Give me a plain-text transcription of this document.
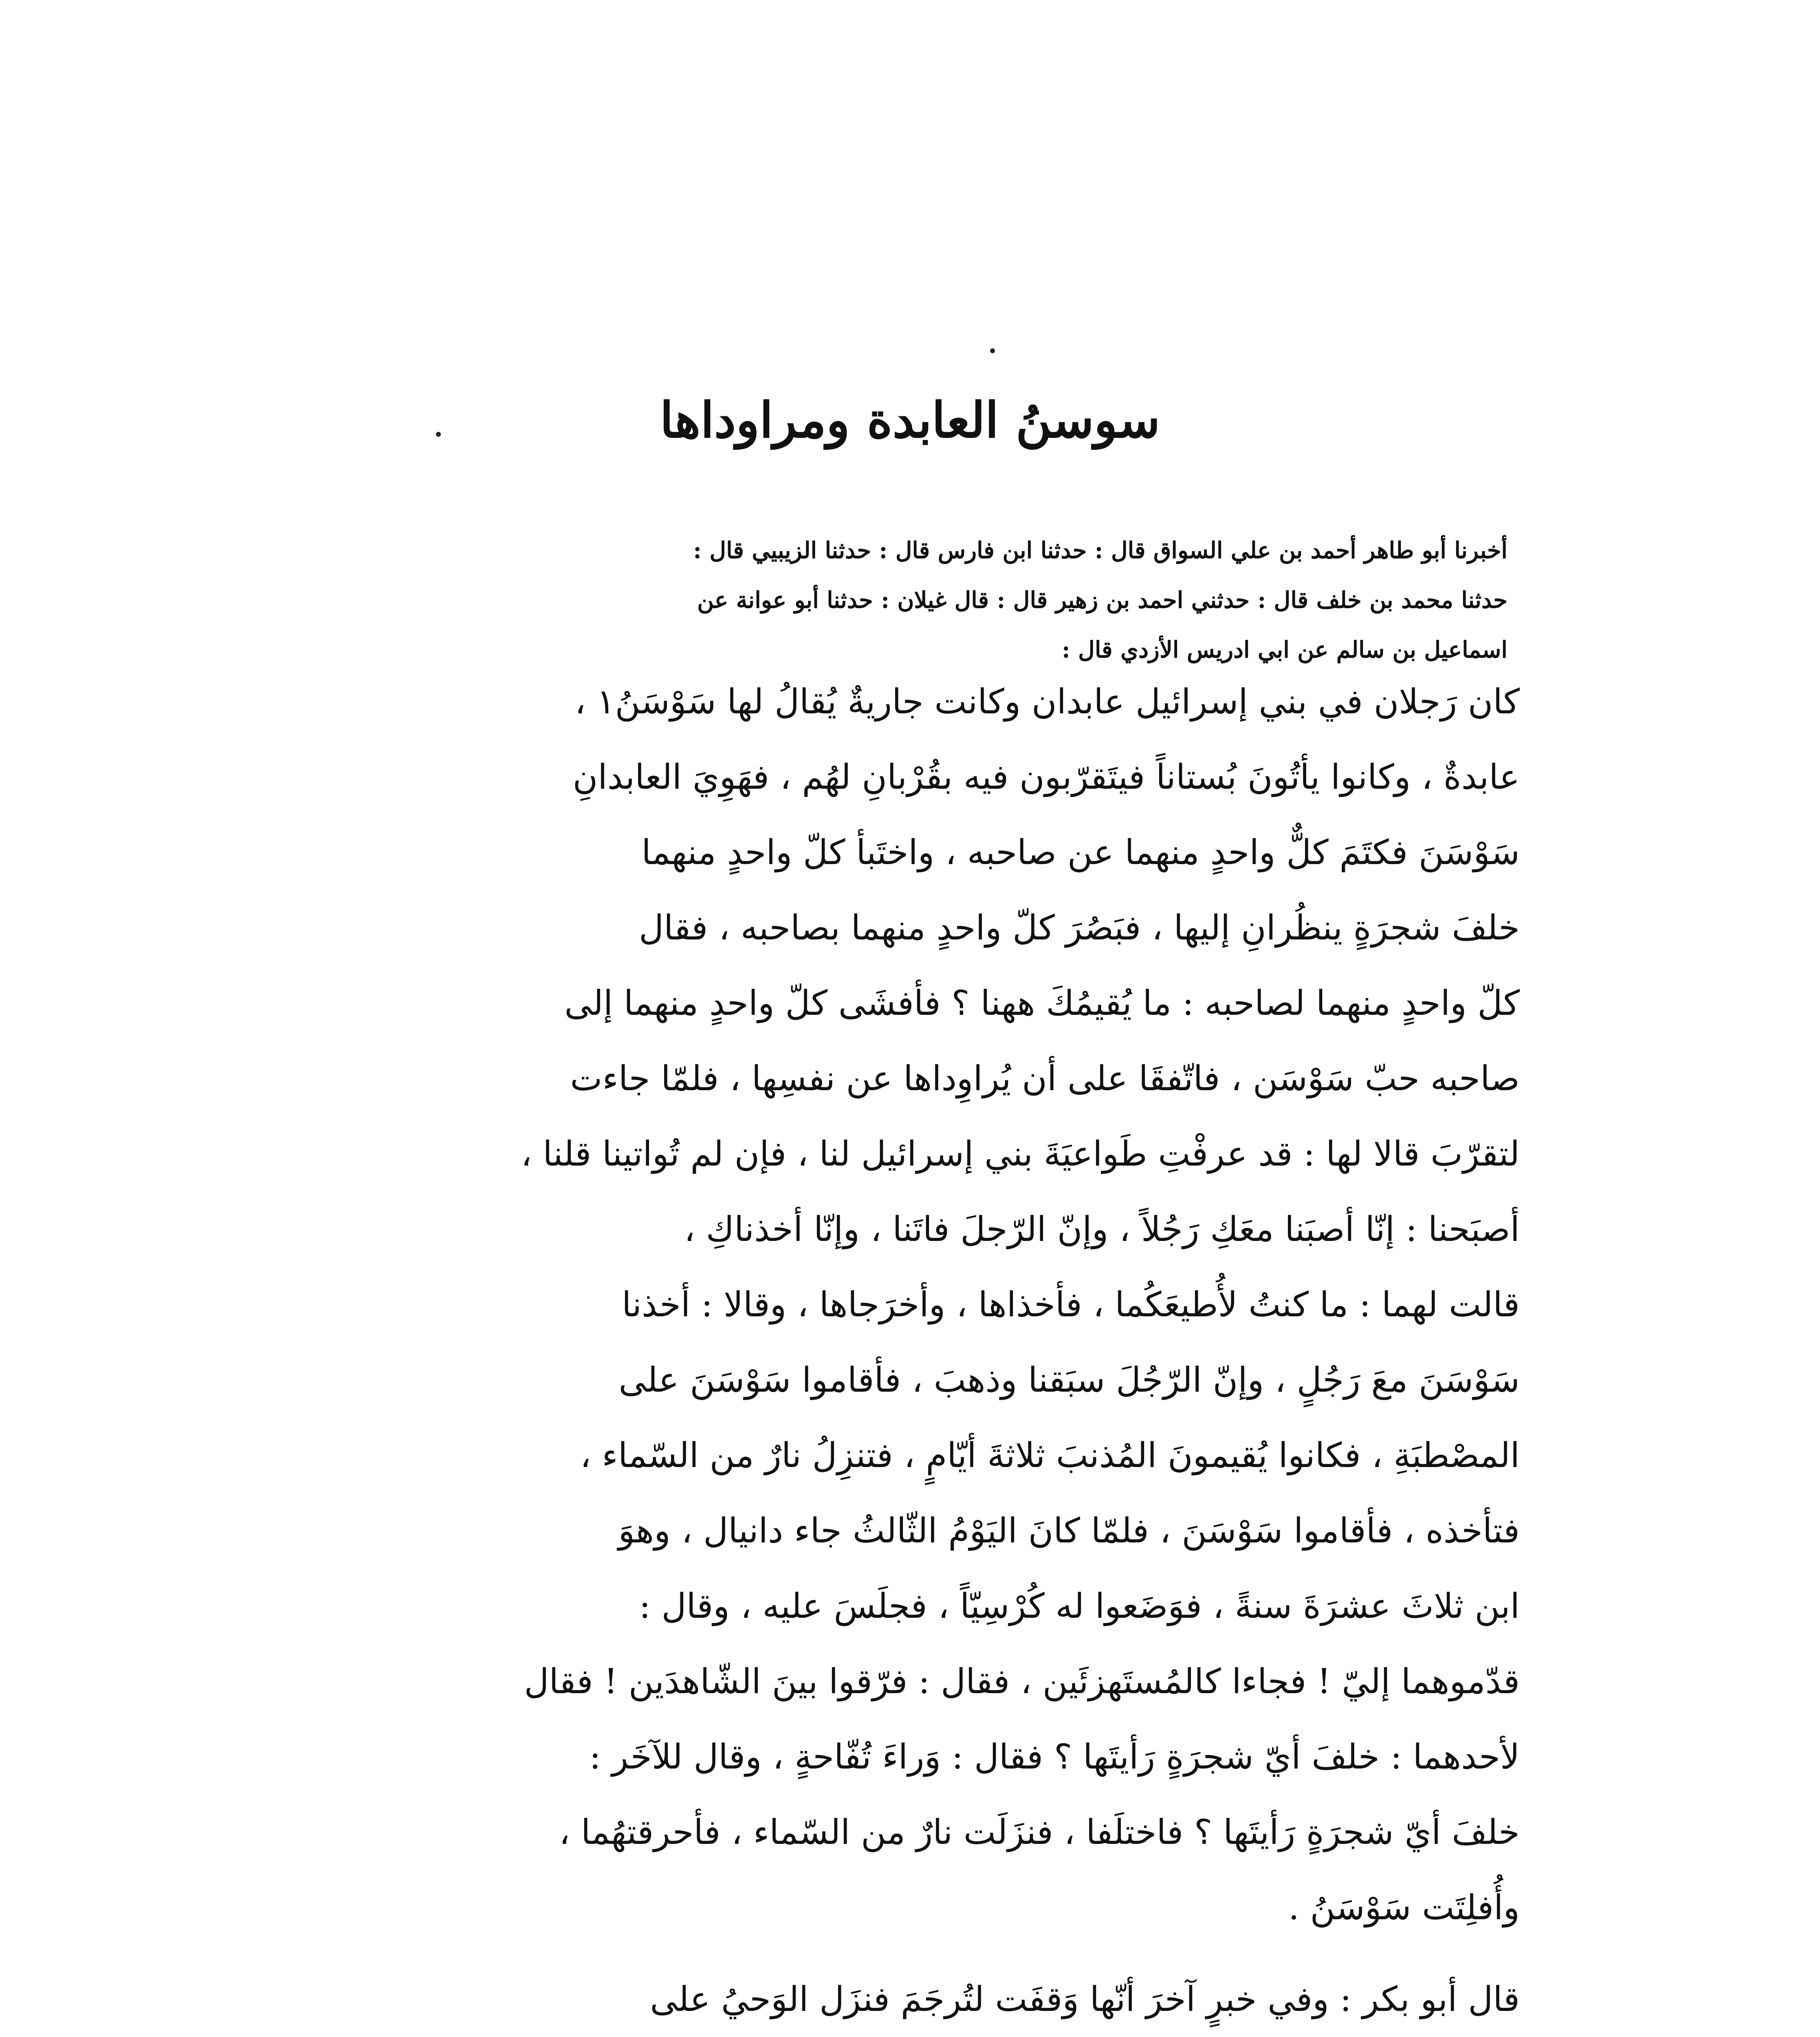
سوسنُ العابدة ومراوداها
أخبرنا أبو طاهر أحمد بن علي السواق قال : حدثنا ابن فارس قال : حدثنا الزيبيي قال :
حدثنا محمد بن خلف قال : حدثني احمد بن زهير قال : قال غيلان : حدثنا أبو عوانة عن
اسماعيل بن سالم عن ابي ادريس الأزدي قال :
كان رَجلان في بني إسرائيل عابدان وكانت جاريةٌ يُقالُ لها سَوْسَنُ١ ،
عابدةٌ ، وكانوا يأتُونَ بُستاناً فيتَقرّبون فيه بقُرْبانِ لهُم ، فهَوِيَ العابدانِ
سَوْسَنَ فكتَمَ كلٌّ واحدٍ منهما عن صاحبه ، واختَبأ كلّ واحدٍ منهما
خلفَ شجرَةٍ ينظُرانِ إليها ، فبَصُرَ كلّ واحدٍ منهما بصاحبه ، فقال
كلّ واحدٍ منهما لصاحبه : ما يُقيمُكَ ههنا ؟ فأفشَى كلّ واحدٍ منهما إلى
صاحبه حبّ سَوْسَن ، فاتّفقَا على أن يُراوِداها عن نفسِها ، فلمّا جاءت
لتقرّبَ قالا لها : قد عرفْتِ طَواعيَةَ بني إسرائيل لنا ، فإن لم تُواتينا قلنا ،
أصبَحنا : إنّا أصبَنا معَكِ رَجُلاً ، وإنّ الرّجلَ فاتَنا ، وإنّا أخذناكِ ،
قالت لهما : ما كنتُ لأُطيعَكُما ، فأخذاها ، وأخرَجاها ، وقالا : أخذنا
سَوْسَنَ معَ رَجُلٍ ، وإنّ الرّجُلَ سبَقنا وذهبَ ، فأقاموا سَوْسَنَ على
المصْطبَةِ ، فكانوا يُقيمونَ المُذنبَ ثلاثةَ أيّامٍ ، فتنزِلُ نارٌ من السّماء ،
فتأخذه ، فأقاموا سَوْسَنَ ، فلمّا كانَ اليَوْمُ الثّالثُ جاء دانيال ، وهوَ
ابن ثلاثَ عشرَةَ سنةً ، فوَضَعوا له كُرْسِيّاً ، فجلَسَ عليه ، وقال :
قدّموهما إليّ ! فجاءا كالمُستَهزئَين ، فقال : فرّقوا بينَ الشّاهدَين ! فقال
لأحدهما : خلفَ أيّ شجرَةٍ رَأيتَها ؟ فقال : وَراءَ تُفّاحةٍ ، وقال للآخَر :
خلفَ أيّ شجرَةٍ رَأيتَها ؟ فاختلَفا ، فنزَلَت نارٌ من السّماء ، فأحرقتهُما ،
وأُفلِتَت سَوْسَنُ .
قال أبو بكر : وفي خبرٍ آخرَ أنّها وَقفَت لتُرجَمَ فنزَل الوَحيُ على
